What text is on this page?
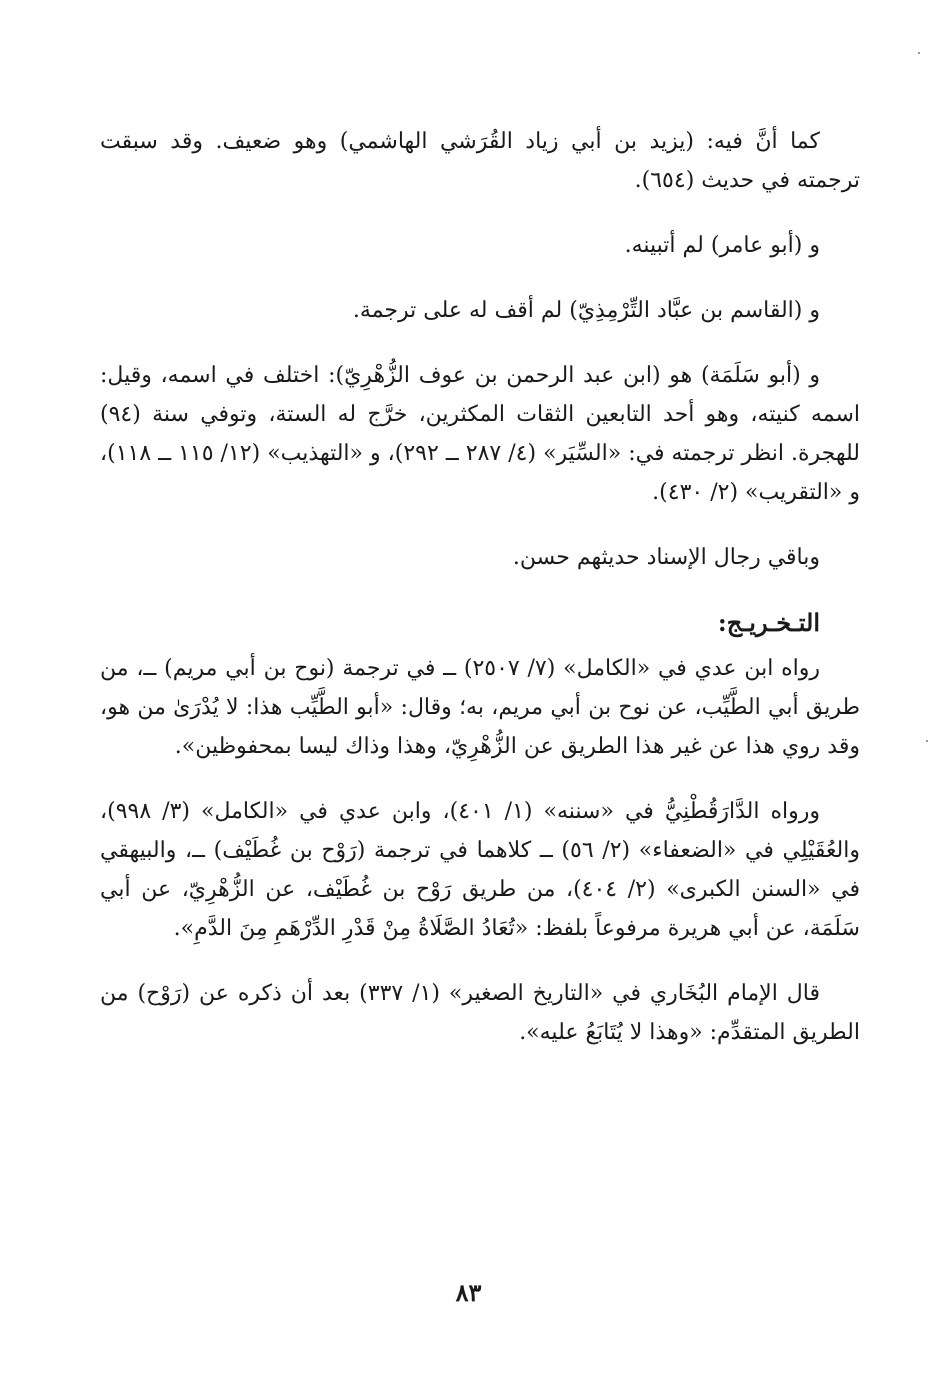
كما أنَّ فيه: (يزيد بن أبي زياد القُرَشي الهاشمي) وهو ضعيف. وقد سبقت ترجمته في حديث (٦٥٤).

و (أبو عامر) لم أتبينه.

و (القاسم بن عبَّاد التِّرْمِذِيّ) لم أقف له على ترجمة.

و (أبو سَلَمَة) هو (ابن عبد الرحمن بن عوف الزُّهْرِيّ): اختلف في اسمه، وقيل: اسمه كنيته، وهو أحد التابعين الثقات المكثرين، خرَّج له الستة، وتوفي سنة (٩٤) للهجرة. انظر ترجمته في: «السِّيَر» (٤/ ٢٨٧ ــ ٢٩٢)، و «التهذيب» (١٢/ ١١٥ ــ ١١٨)، و «التقريب» (٢/ ٤٣٠).

وباقي رجال الإسناد حديثهم حسن.

التـخـريـج:

رواه ابن عدي في «الكامل» (٧/ ٢٥٠٧) ــ في ترجمة (نوح بن أبي مريم) ــ، من طريق أبي الطَّيِّب، عن نوح بن أبي مريم، به؛ وقال: «أبو الطَّيِّب هذا: لا يُدْرَىٰ من هو، وقد روي هذا عن غير هذا الطريق عن الزُّهْرِيّ، وهذا وذاك ليسا بمحفوظين».

ورواه الدَّارَقُطْنِيُّ في «سننه» (١/ ٤٠١)، وابن عدي في «الكامل» (٣/ ٩٩٨)، والعُقَيْلِي في «الضعفاء» (٢/ ٥٦) ــ كلاهما في ترجمة (رَوْح بن غُطَيْف) ــ، والبيهقي في «السنن الكبرى» (٢/ ٤٠٤)، من طريق رَوْح بن غُطَيْف، عن الزُّهْرِيّ، عن أبي سَلَمَة، عن أبي هريرة مرفوعاً بلفظ: «تُعَادُ الصَّلَاةُ مِنْ قَدْرِ الدِّرْهَمِ مِنَ الدَّمِ».

قال الإمام البُخَاري في «التاريخ الصغير» (١/ ٣٣٧) بعد أن ذكره عن (رَوْح) من الطريق المتقدِّم: «وهذا لا يُتَابَعُ عليه».

٨٣
